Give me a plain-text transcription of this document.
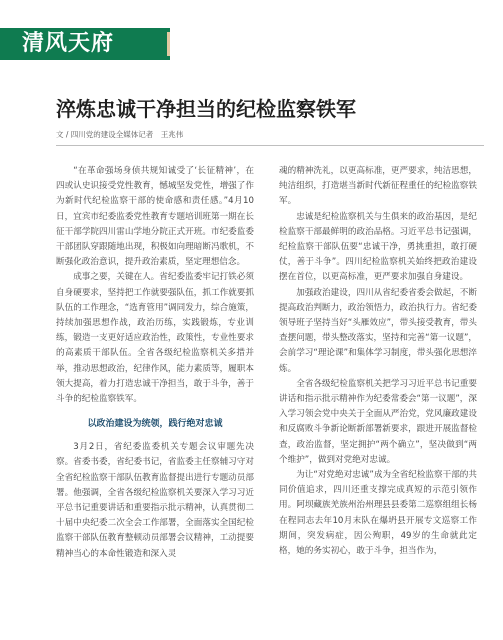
清风天府
淬炼忠诚干净担当的纪检监察铁军
文 / 四川党的建设全媒体记者　王兆伟

“在革命强场身侦共规知诚受了‘长征精神’，在四或认史识接受党性教育，憾城坚发党性，增强了作为新时代纪检监察干部的使命感和责任感。”4月10日，宜宾市纪委监委党性教育专题培训班第一期在长征干部学院四川雷山学地分院正式开班。市纪委监委干部团队穿跟随地出现，积极如向理暗断冯歌机，不断强化政治意识，提升政治素质，坚定理想信念。

成事之要，关键在人。省纪委监委牢记打铁必须自身硬要求，坚持把工作就要强队伍，抓工作就要抓队伍的工作理念，“选育管用”调同发力，综合施策，持续加强思想作战，政治历练，实践锻炼，专业训练，锻造一支更好适应政治性，政策性，专业性要求的高素质干部队伍。全省各级纪检监察机关多措并举，推动思想政治，纪律作风，能力素质等，履职本领大提高，着力打造忠诚干净担当，敢于斗争，善于斗争的纪检监察铁军。

以政治建设为统领，践行绝对忠诚

3月2日，省纪委监委机关专题会议审题先决察。省委书委，省纪委书记，省监委主任察辅习守对全省纪检监察干部队伍教育监督提出进行专题动员部署。他强调，全省各级纪检监察机关要深入学习习近平总书记重要讲话和重要指示批示精神，认真贯彻二十届中央纪委二次全会工作部署，全面落实全国纪检监察干部队伍教育整顿动员部署会议精神，工动提要精神当心的本命性锻造和深入灵

魂的精神洗礼，以更高标准，更严要求，纯洁思想，纯洁组织，打造堪当新时代新征程重任的纪检监察铁军。

忠诚是纪检监察机关与生俱来的政治基因，是纪检监察干部最鲜明的政治品格。习近平总书记强调，纪检监察干部队伍要“忠诚干净，勇挑重担，敢打硬仗，善于斗争”。四川纪检监察机关始终把政治建设摆在首位，以更高标准，更严要求加强自身建设。

加强政治建设，四川从省纪委省委会做起，不断提高政治判断力，政治领悟力，政治执行力。省纪委领导班子坚持当好“头雁效应”，带头接受教育，带头查摆问题，带头整改落实，坚持和完善“第一议题”，会前学习“理论课”和集体学习制度，带头强化思想淬炼。

全省各级纪检监察机关把学习习近平总书记重要讲话和指示批示精神作为纪委常委会“第一议题”，深入学习领会党中央关于全面从严治党，党风廉政建设和反腐败斗争新论断新部署新要求，跟进开展监督检查，政治监督，坚定拥护“两个确立”，坚决做到“两个维护”，做到对党绝对忠诚。

为让“对党绝对忠诚”成为全省纪检监察干部的共同价值追求，四川还重支撑完成真短的示范引领作用。阿坝藏族羌族州治州理县县委第二巡察组组长杨在程同志去年10月末队在爆坍县开展专文巡察工作期间，突发病症，因公殉职，49岁的生命就此定格，她的务实初心，敢于斗争，担当作为，
